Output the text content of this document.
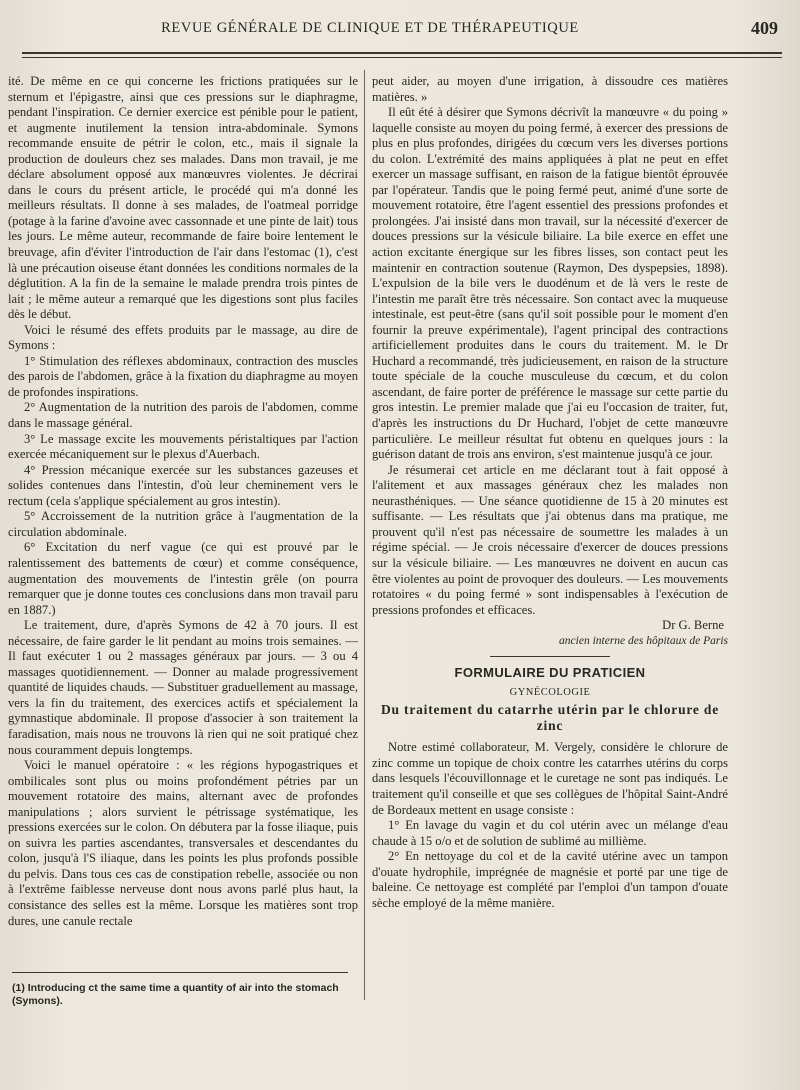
REVUE GÉNÉRALE DE CLINIQUE ET DE THÉRAPEUTIQUE	409

ité. De même en ce qui concerne les frictions pratiquées sur le sternum et l'épigastre, ainsi que ces pressions sur le diaphragme, pendant l'inspiration. Ce dernier exercice est pénible pour le patient, et augmente inutilement la tension intra-abdominale. Symons recommande ensuite de pétrir le colon, etc., mais il signale la production de douleurs chez ses malades. Dans mon travail, je me déclare absolument opposé aux manœuvres violentes. Je décrirai dans le cours du présent article, le procédé qui m'a donné les meilleurs résultats. Il donne à ses malades, de l'oatmeal porridge (potage à la farine d'avoine avec cassonnade et une pinte de lait) tous les jours. Le même auteur, recommande de faire boire lentement le breuvage, afin d'éviter l'introduction de l'air dans l'estomac (1), c'est là une précaution oiseuse étant données les conditions normales de la déglutition. A la fin de la semaine le malade prendra trois pintes de lait ; le même auteur a remarqué que les digestions sont plus faciles dès le début.

Voici le résumé des effets produits par le massage, au dire de Symons :

1° Stimulation des réflexes abdominaux, contraction des muscles des parois de l'abdomen, grâce à la fixation du diaphragme au moyen de profondes inspirations.

2° Augmentation de la nutrition des parois de l'abdomen, comme dans le massage général.

3° Le massage excite les mouvements péristaltiques par l'action exercée mécaniquement sur le plexus d'Auerbach.

4° Pression mécanique exercée sur les substances gazeuses et solides contenues dans l'intestin, d'où leur cheminement vers le rectum (cela s'applique spécialement au gros intestin).

5° Accroissement de la nutrition grâce à l'augmentation de la circulation abdominale.

6° Excitation du nerf vague (ce qui est prouvé par le ralentissement des battements de cœur) et comme conséquence, augmentation des mouvements de l'intestin grêle (on pourra remarquer que je donne toutes ces conclusions dans mon travail paru en 1887.)

Le traitement, dure, d'après Symons de 42 à 70 jours. Il est nécessaire, de faire garder le lit pendant au moins trois semaines. — Il faut exécuter 1 ou 2 massages généraux par jours. — 3 ou 4 massages quotidiennement. — Donner au malade progressivement quantité de liquides chauds. — Substituer graduellement au massage, vers la fin du traitement, des exercices actifs et spécialement la gymnastique abdominale. Il propose d'associer à son traitement la faradisation, mais nous ne trouvons là rien qui ne soit pratiqué chez nous couramment depuis longtemps.

Voici le manuel opératoire : « les régions hypogastriques et ombilicales sont plus ou moins profondément pétries par un mouvement rotatoire des mains, alternant avec de profondes manipulations ; alors survient le pétrissage systématique, les pressions exercées sur le colon. On débutera par la fosse iliaque, puis on suivra les parties ascendantes, transversales et descendantes du colon, jusqu'à l'S iliaque, dans les points les plus profonds possible du pelvis. Dans tous ces cas de constipation rebelle, associée ou non à l'extrême faiblesse nerveuse dont nous avons parlé plus haut, la consistance des selles est la même. Lorsque les matières sont trop dures, une canule rectale

peut aider, au moyen d'une irrigation, à dissoudre ces matières matières. »

Il eût été à désirer que Symons décrivît la manœuvre « du poing » laquelle consiste au moyen du poing fermé, à exercer des pressions de plus en plus profondes, dirigées du cœcum vers les diverses portions du colon. L'extrémité des mains appliquées à plat ne peut en effet exercer un massage suffisant, en raison de la fatigue bientôt éprouvée par l'opérateur. Tandis que le poing fermé peut, animé d'une sorte de mouvement rotatoire, être l'agent essentiel des pressions profondes et prolongées. J'ai insisté dans mon travail, sur la nécessité d'exercer de douces pressions sur la vésicule biliaire. La bile exerce en effet une action excitante énergique sur les fibres lisses, son contact peut les maintenir en contraction soutenue (Raymon, Des dyspepsies, 1898). L'expulsion de la bile vers le duodénum et de là vers le reste de l'intestin me paraît être très nécessaire. Son contact avec la muqueuse intestinale, est peut-être (sans qu'il soit possible pour le moment d'en fournir la preuve expérimentale), l'agent principal des contractions artificiellement produites dans le cours du traitement. M. le Dr Huchard a recommandé, très judicieusement, en raison de la structure toute spéciale de la couche musculeuse du cœcum, et du colon ascendant, de faire porter de préférence le massage sur cette partie du gros intestin. Le premier malade que j'ai eu l'occasion de traiter, fut, d'après les instructions du Dr Huchard, l'objet de cette manœuvre particulière. Le meilleur résultat fut obtenu en quelques jours : la guérison datant de trois ans environ, s'est maintenue jusqu'à ce jour.

Je résumerai cet article en me déclarant tout à fait opposé à l'alitement et aux massages généraux chez les malades non neurasthéniques. — Une séance quotidienne de 15 à 20 minutes est suffisante. — Les résultats que j'ai obtenus dans ma pratique, me prouvent qu'il n'est pas nécessaire de soumettre les malades à un régime spécial. — Je crois nécessaire d'exercer de douces pressions sur la vésicule biliaire. — Les manœuvres ne doivent en aucun cas être violentes au point de provoquer des douleurs. — Les mouvements rotatoires « du poing fermé » sont indispensables à l'exécution de pressions profondes et efficaces.

Dr G. Berne

ancien interne des hôpitaux de Paris

FORMULAIRE DU PRATICIEN

GYNÉCOLOGIE

Du traitement du catarrhe utérin par le chlorure de zinc

Notre estimé collaborateur, M. Vergely, considère le chlorure de zinc comme un topique de choix contre les catarrhes utérins du corps dans lesquels l'écouvillonnage et le curetage ne sont pas indiqués. Le traitement qu'il conseille et que ses collègues de l'hôpital Saint-André de Bordeaux mettent en usage consiste :

1° En lavage du vagin et du col utérin avec un mélange d'eau chaude à 15 o/o et de solution de sublimé au millième.

2° En nettoyage du col et de la cavité utérine avec un tampon d'ouate hydrophile, imprégnée de magnésie et porté par une tige de baleine. Ce nettoyage est complété par l'emploi d'un tampon d'ouate sèche employé de la même manière.

(1) Introducing ct the same time a quantity of air into the stomach (Symons).
